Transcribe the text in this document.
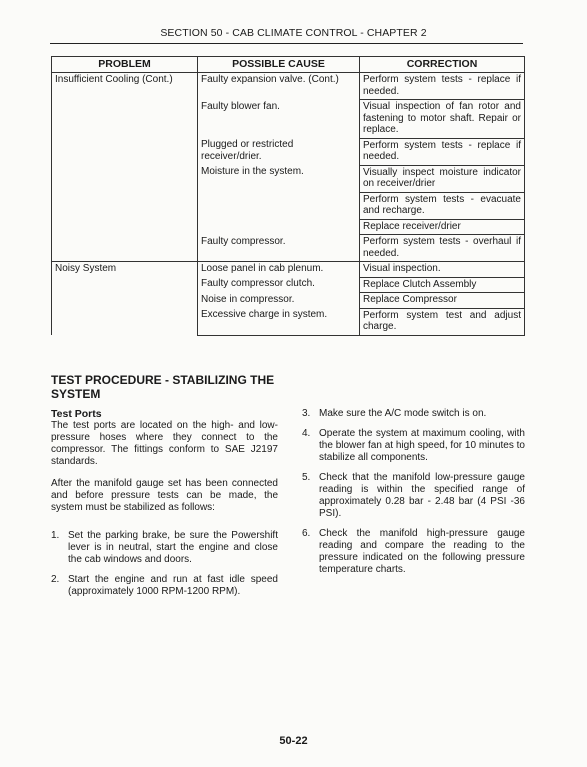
SECTION 50 - CAB CLIMATE CONTROL - CHAPTER 2
PROBLEM	POSSIBLE CAUSE	CORRECTION
Insufficient Cooling (Cont.)	Faulty expansion valve. (Cont.)	Perform system tests - replace if needed.
	Faulty blower fan.	Visual inspection of fan rotor and fastening to motor shaft. Repair or replace.
	Plugged or restricted receiver/drier.	Perform system tests - replace if needed.
	Moisture in the system.	Visually inspect moisture indicator on receiver/drier
		Perform system tests - evacuate and recharge.
		Replace receiver/drier
	Faulty compressor.	Perform system tests - overhaul if needed.
Noisy System	Loose panel in cab plenum.	Visual inspection.
	Faulty compressor clutch.	Replace Clutch Assembly
	Noise in compressor.	Replace Compressor
	Excessive charge in system.	Perform system test and adjust charge.
TEST PROCEDURE - STABILIZING THE SYSTEM
Test Ports

The test ports are located on the high- and low-pressure hoses where they connect to the compressor. The fittings conform to SAE J2197 standards.

After the manifold gauge set has been connected and before pressure tests can be made, the system must be stabilized as follows:

1. Set the parking brake, be sure the Powershift lever is in neutral, start the engine and close the cab windows and doors.
2. Start the engine and run at fast idle speed (approximately 1000 RPM-1200 RPM).
3. Make sure the A/C mode switch is on.
4. Operate the system at maximum cooling, with the blower fan at high speed, for 10 minutes to stabilize all components.
5. Check that the manifold low-pressure gauge reading is within the specified range of approximately 0.28 bar - 2.48 bar (4 PSI -36 PSI).
6. Check the manifold high-pressure gauge reading and compare the reading to the pressure indicated on the following pressure temperature charts.
50-22
